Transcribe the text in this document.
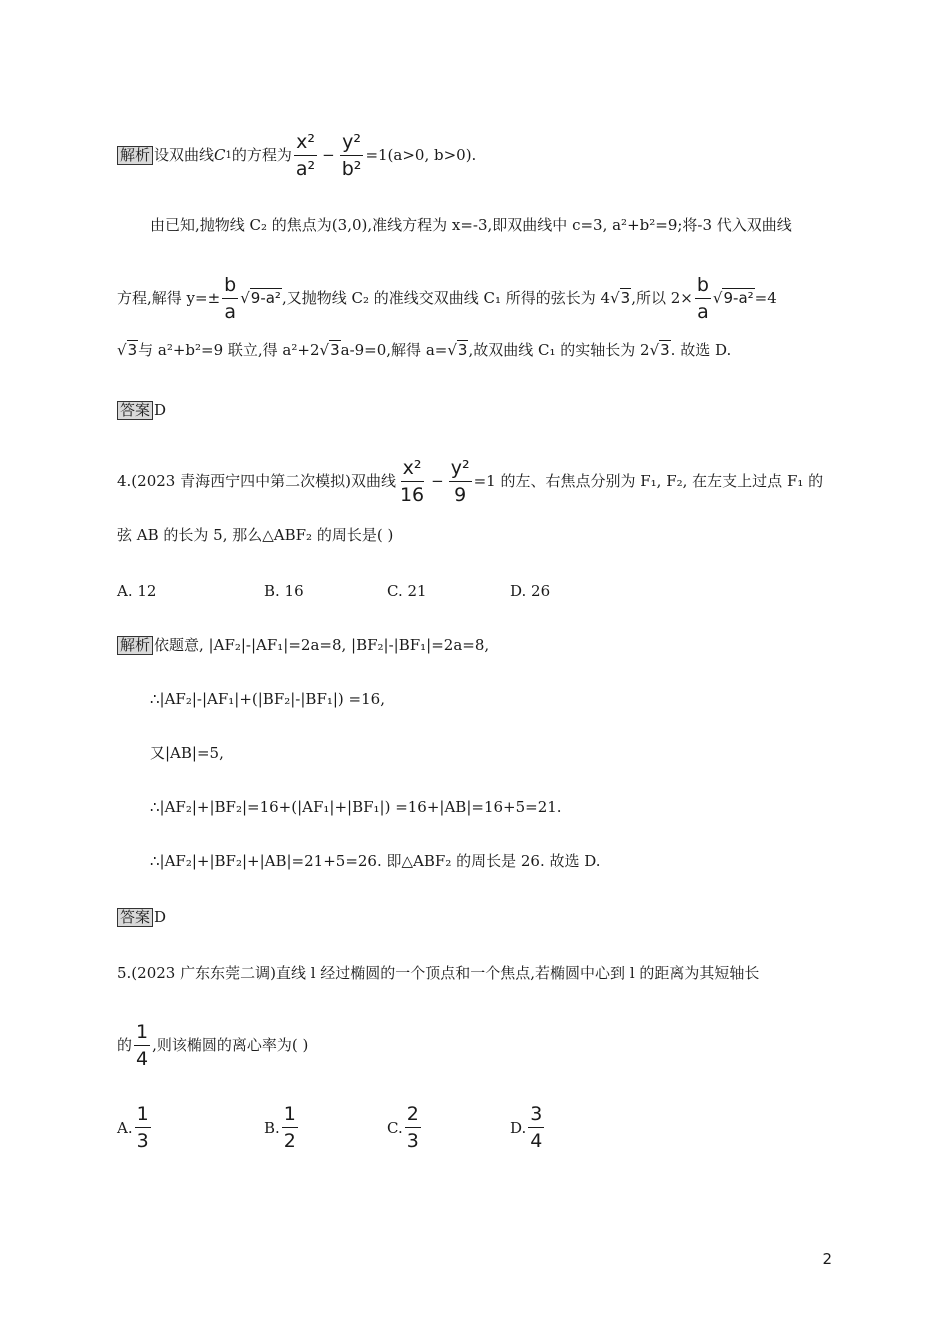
解析 设双曲线 C 1 的方程为 $\frac{\text{x²}}{\text{a²}} - \frac{\text{y²}}{\text{b²}} =1(a>0$, b>0).
由已知,抛物线 C₂ 的焦点为(3,0),准线方程为 x=-3,即双曲线中 c=3, a²+b²=9;将-3 代入双曲线
方程,解得 $y=\pm \frac{b}{a} √9-a^2$ ,又抛物线 C₂ 的准线交双曲线 C₁ 所得的弦长为 4 √3 ,所以 $2\times \frac{b}{a} √9-a^2 =4$
√3 与 a²+b²=9 联立,得 a²+2 √3 a-9=0,解得 a= √3 ,故双曲线 C₁ 的实轴长为 2 √3 . 故选 D.
答案 D
4.(2023 青海西宁四中第二次模拟)双曲线 $\frac{\text{x²}}{16} - \frac{\text{y²}}{9} =1$ 的左、右焦点分别为 F₁, F₂, 在左支上过点 F₁ 的
弦 AB 的长为 5, 那么△ABF₂ 的周长是( )
A. 12	B. 16	C. 21	D. 26
解析 依题意, |AF₂|-|AF₁|=2a=8, |BF₂|-|BF₁|=2a=8,
∴|AF₂|-|AF₁|+(|BF₂|-|BF₁|) =16,
又|AB|=5,
∴|AF₂|+|BF₂|=16+(|AF₁|+|BF₁|) =16+|AB|=16+5=21.
∴|AF₂|+|BF₂|+|AB|=21+5=26. 即△ABF₂ 的周长是 26. 故选 D.
答案 D
5.(2023 广东东莞二调)直线 l 经过椭圆的一个顶点和一个焦点,若椭圆中心到 l 的距离为其短轴长
的 $\frac{1}{4}$ ,则该椭圆的离心率为( )
A. $\frac{1}{3}$	B. $\frac{1}{2}$	C. $\frac{2}{3}$	D. $\frac{3}{4}$
2
